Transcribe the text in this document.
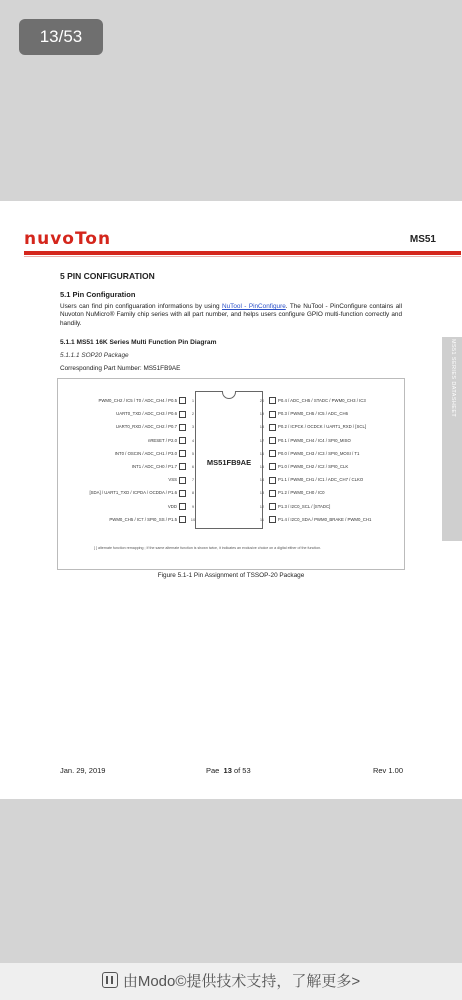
13/53
nuvoTon	MS51
5 PIN CONFIGURATION
5.1 Pin Configuration
Users can find pin configuaration informations by using NuTool - PinConfigure. The NuTool - PinConfigure contains all Nuvoton NuMicro® Family chip series with all part number, and helps users configure GPIO multi-function correctly and handily.
5.1.1 MS51 16K Series Multi Function Pin Diagram
5.1.1.1 SOP20 Package
Corresponding Part Number: MS51FB9AE
PWM0_CH2 / IC5 / T0 / ADC_CH4 / P0.5	1
UART0_TXD / ADC_CH3 / P0.6	2
UART0_RXD / ADC_CH2 / P0.7	3
nRESET / P2.0	4
INT0 / OSCIN / ADC_CH1 / P3.0	5
INT1 / ADC_CH0 / P1.7	6
VSS	7
[SDA] / UART1_TXD / ICPDA / OCDDA / P1.6	8
VDD	9
PWM0_CH5 / IC7 / SPI0_SS / P1.5	10
MS51FB9AE
20	P0.4 / ADC_CH5 / STADC / PWM0_CH3 / IC3
19	P0.3 / PWM0_CH5 / IC5 / ADC_CH6
18	P0.2 / ICPCK / OCDCK / UART1_RXD / [SCL]
17	P0.1 / PWM0_CH4 / IC4 / SPI0_MISO
16	P0.0 / PWM0_CH3 / IC3 / SPI0_MOSI / T1
15	P1.0 / PWM0_CH2 / IC2 / SPI0_CLK
14	P1.1 / PWM0_CH1 / IC1 / ADC_CH7 / CLKO
13	P1.2 / PWM0_CH0 / IC0
12	P1.3 / I2C0_SCL / [STADC]
11	P1.4 / I2C0_SDA / PWM0_BRAKE / PWM0_CH1
[ ] alternate function remapping ; If the same alternate function is shown twice, it indicates an exclusive choice on a digital either of the function.
Figure 5.1-1 Pin Assignment of TSSOP-20 Package
Jan. 29, 2019	Pae 13 of 53	Rev 1.00
MS51 SERIES DATASHEET
由Modo©提供技术支持，了解更多>
